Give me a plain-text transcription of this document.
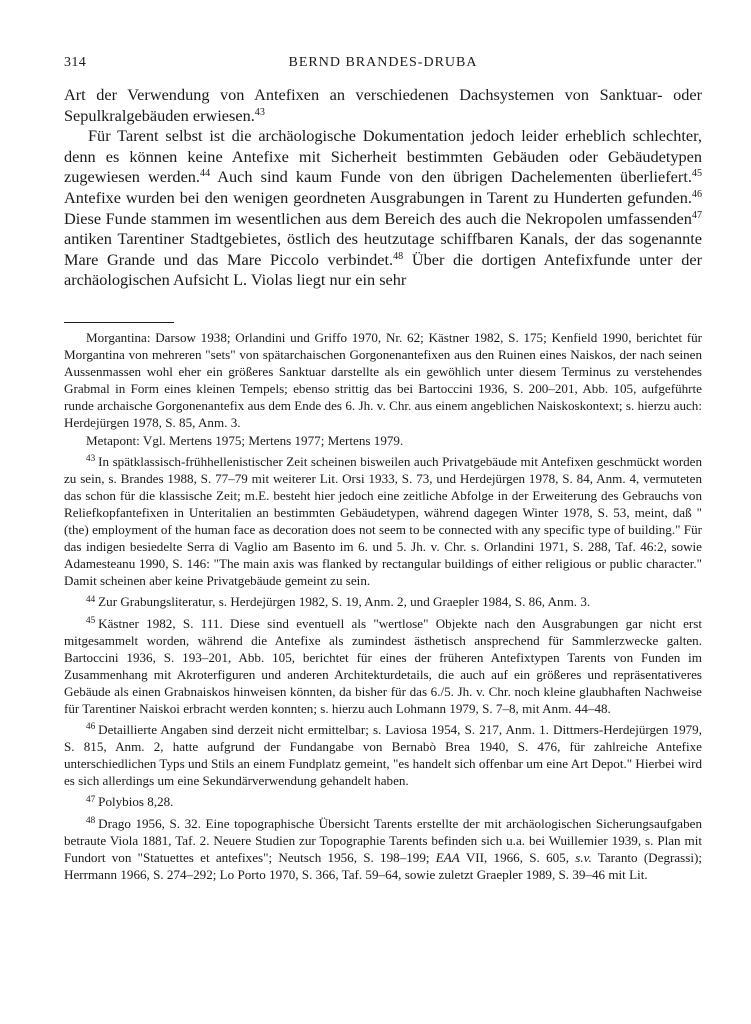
314	BERND BRANDES-DRUBA

Art der Verwendung von Antefixen an verschiedenen Dachsystemen von Sanktuar- oder Sepulkralgebäuden erwiesen.$^{43}$

Für Tarent selbst ist die archäologische Dokumentation jedoch leider erheblich schlechter, denn es können keine Antefixe mit Sicherheit bestimmten Gebäuden oder Gebäudetypen zugewiesen werden.$^{44}$ Auch sind kaum Funde von den übrigen Dachelementen überliefert.$^{45}$ Antefixe wurden bei den wenigen geordneten Ausgrabungen in Tarent zu Hunderten gefunden.$^{46}$ Diese Funde stammen im wesentlichen aus dem Bereich des auch die Nekropolen umfassenden$^{47}$ antiken Tarentiner Stadtgebietes, östlich des heutzutage schiffbaren Kanals, der das sogenannte Mare Grande und das Mare Piccolo verbindet.$^{48}$ Über die dortigen Antefixfunde unter der archäologischen Aufsicht L. Violas liegt nur ein sehr

Morgantina: Darsow 1938; Orlandini und Griffo 1970, Nr. 62; Kästner 1982, S. 175; Kenfield 1990, berichtet für Morgantina von mehreren "sets" von spätarchaischen Gorgonenantefixen aus den Ruinen eines Naiskos, der nach seinen Aussenmassen wohl eher ein größeres Sanktuar darstellte als ein gewöhlich unter diesem Terminus zu verstehendes Grabmal in Form eines kleinen Tempels; ebenso strittig das bei Bartoccini 1936, S. 200–201, Abb. 105, aufgeführte runde archaische Gorgonenantefix aus dem Ende des 6. Jh. v. Chr. aus einem angeblichen Naiskoskontext; s. hierzu auch: Herdejürgen 1978, S. 85, Anm. 3.

Metapont: Vgl. Mertens 1975; Mertens 1977; Mertens 1979.

$^{43}$ In spätklassisch-frühhellenistischer Zeit scheinen bisweilen auch Privatgebäude mit Antefixen geschmückt worden zu sein, s. Brandes 1988, S. 77–79 mit weiterer Lit. Orsi 1933, S. 73, und Herdejürgen 1978, S. 84, Anm. 4, vermuteten das schon für die klassische Zeit; m.E. besteht hier jedoch eine zeitliche Abfolge in der Erweiterung des Gebrauchs von Reliefkopfantefixen in Unteritalien an bestimmten Gebäudetypen, während dagegen Winter 1978, S. 53, meint, daß "(the) employment of the human face as decoration does not seem to be connected with any specific type of building." Für das indigen besiedelte Serra di Vaglio am Basento im 6. und 5. Jh. v. Chr. s. Orlandini 1971, S. 288, Taf. 46:2, sowie Adamesteanu 1990, S. 146: "The main axis was flanked by rectangular buildings of either religious or public character." Damit scheinen aber keine Privatgebäude gemeint zu sein.

$^{44}$ Zur Grabungsliteratur, s. Herdejürgen 1982, S. 19, Anm. 2, und Graepler 1984, S. 86, Anm. 3.

$^{45}$ Kästner 1982, S. 111. Diese sind eventuell als "wertlose" Objekte nach den Ausgrabungen gar nicht erst mitgesammelt worden, während die Antefixe als zumindest ästhetisch ansprechend für Sammlerzwecke galten. Bartoccini 1936, S. 193–201, Abb. 105, berichtet für eines der früheren Antefixtypen Tarents von Funden im Zusammenhang mit Akroterfiguren und anderen Architekturdetails, die auch auf ein größeres und repräsentativeres Gebäude als einen Grabnaiskos hinweisen könnten, da bisher für das 6./5. Jh. v. Chr. noch kleine glaubhaften Nachweise für Tarentiner Naiskoi erbracht werden konnten; s. hierzu auch Lohmann 1979, S. 7–8, mit Anm. 44–48.

$^{46}$ Detaillierte Angaben sind derzeit nicht ermittelbar; s. Laviosa 1954, S. 217, Anm. 1. Dittmers-Herdejürgen 1979, S. 815, Anm. 2, hatte aufgrund der Fundangabe von Bernabò Brea 1940, S. 476, für zahlreiche Antefixe unterschiedlichen Typs und Stils an einem Fundplatz gemeint, "es handelt sich offenbar um eine Art Depot." Hierbei wird es sich allerdings um eine Sekundärverwendung gehandelt haben.

$^{47}$ Polybios 8,28.

$^{48}$ Drago 1956, S. 32. Eine topographische Übersicht Tarents erstellte der mit archäologischen Sicherungsaufgaben betraute Viola 1881, Taf. 2. Neuere Studien zur Topographie Tarents befinden sich u.a. bei Wuillemier 1939, s. Plan mit Fundort von "Statuettes et antefixes"; Neutsch 1956, S. 198–199; EAA VII, 1966, S. 605, s.v. Taranto (Degrassi); Herrmann 1966, S. 274–292; Lo Porto 1970, S. 366, Taf. 59–64, sowie zuletzt Graepler 1989, S. 39–46 mit Lit.
